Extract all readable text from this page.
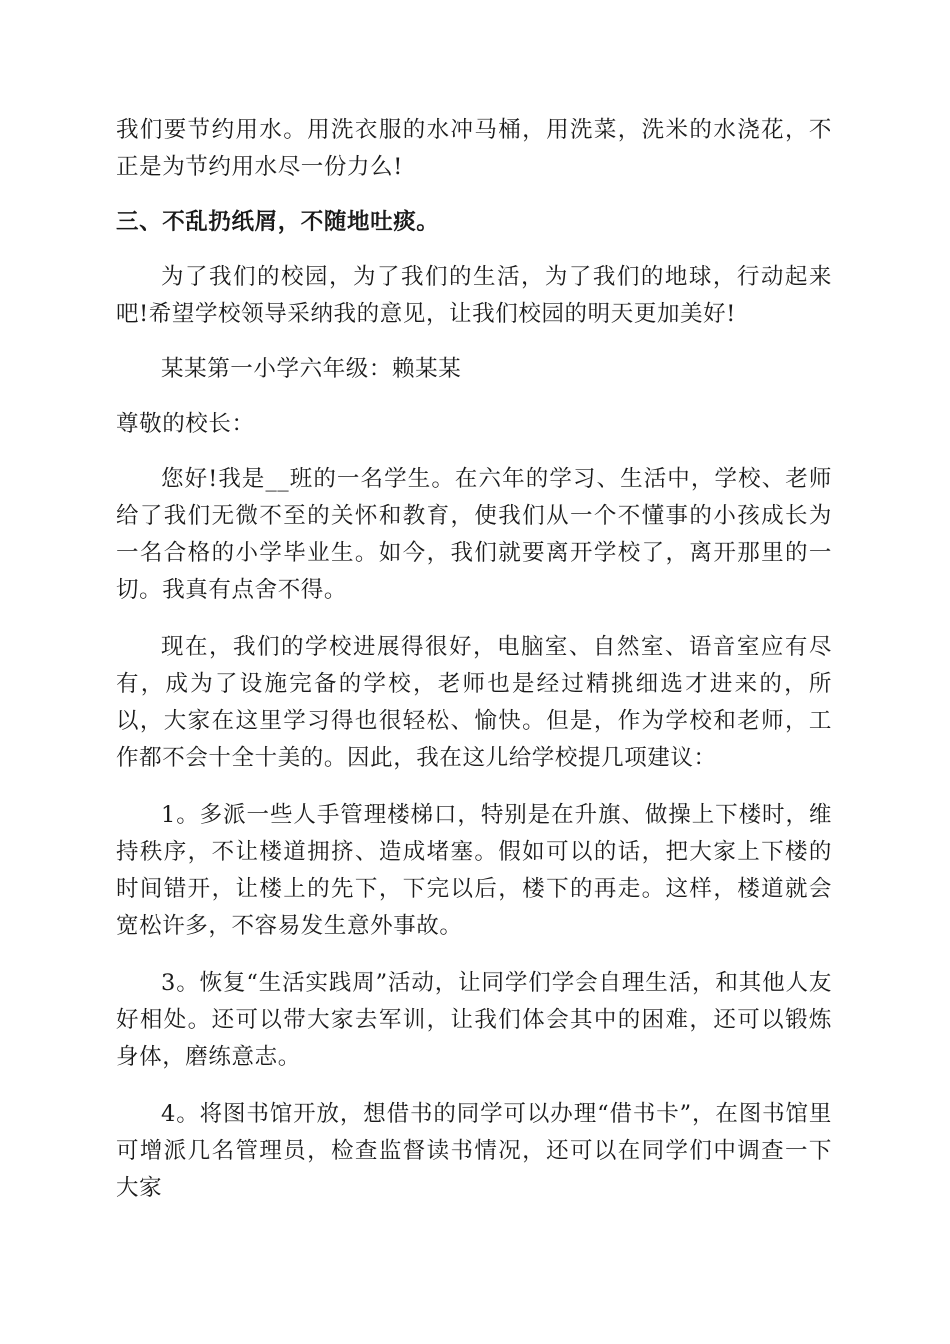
我们要节约用水。用洗衣服的水冲马桶，用洗菜，洗米的水浇花，不正是为节约用水尽一份力么!

三、不乱扔纸屑，不随地吐痰。

为了我们的校园，为了我们的生活，为了我们的地球，行动起来吧!希望学校领导采纳我的意见，让我们校园的明天更加美好!

某某第一小学六年级：赖某某

尊敬的校长：

您好!我是__班的一名学生。在六年的学习、生活中，学校、老师给了我们无微不至的关怀和教育，使我们从一个不懂事的小孩成长为一名合格的小学毕业生。如今，我们就要离开学校了，离开那里的一切。我真有点舍不得。

现在，我们的学校进展得很好，电脑室、自然室、语音室应有尽有，成为了设施完备的学校，老师也是经过精挑细选才进来的，所以，大家在这里学习得也很轻松、愉快。但是，作为学校和老师，工作都不会十全十美的。因此，我在这儿给学校提几项建议：

1。多派一些人手管理楼梯口，特别是在升旗、做操上下楼时，维持秩序，不让楼道拥挤、造成堵塞。假如可以的话，把大家上下楼的时间错开，让楼上的先下，下完以后，楼下的再走。这样，楼道就会宽松许多，不容易发生意外事故。

3。恢复“生活实践周”活动，让同学们学会自理生活，和其他人友好相处。还可以带大家去军训，让我们体会其中的困难，还可以锻炼身体，磨练意志。

4。将图书馆开放，想借书的同学可以办理“借书卡”，在图书馆里可增派几名管理员，检查监督读书情况，还可以在同学们中调查一下大家
